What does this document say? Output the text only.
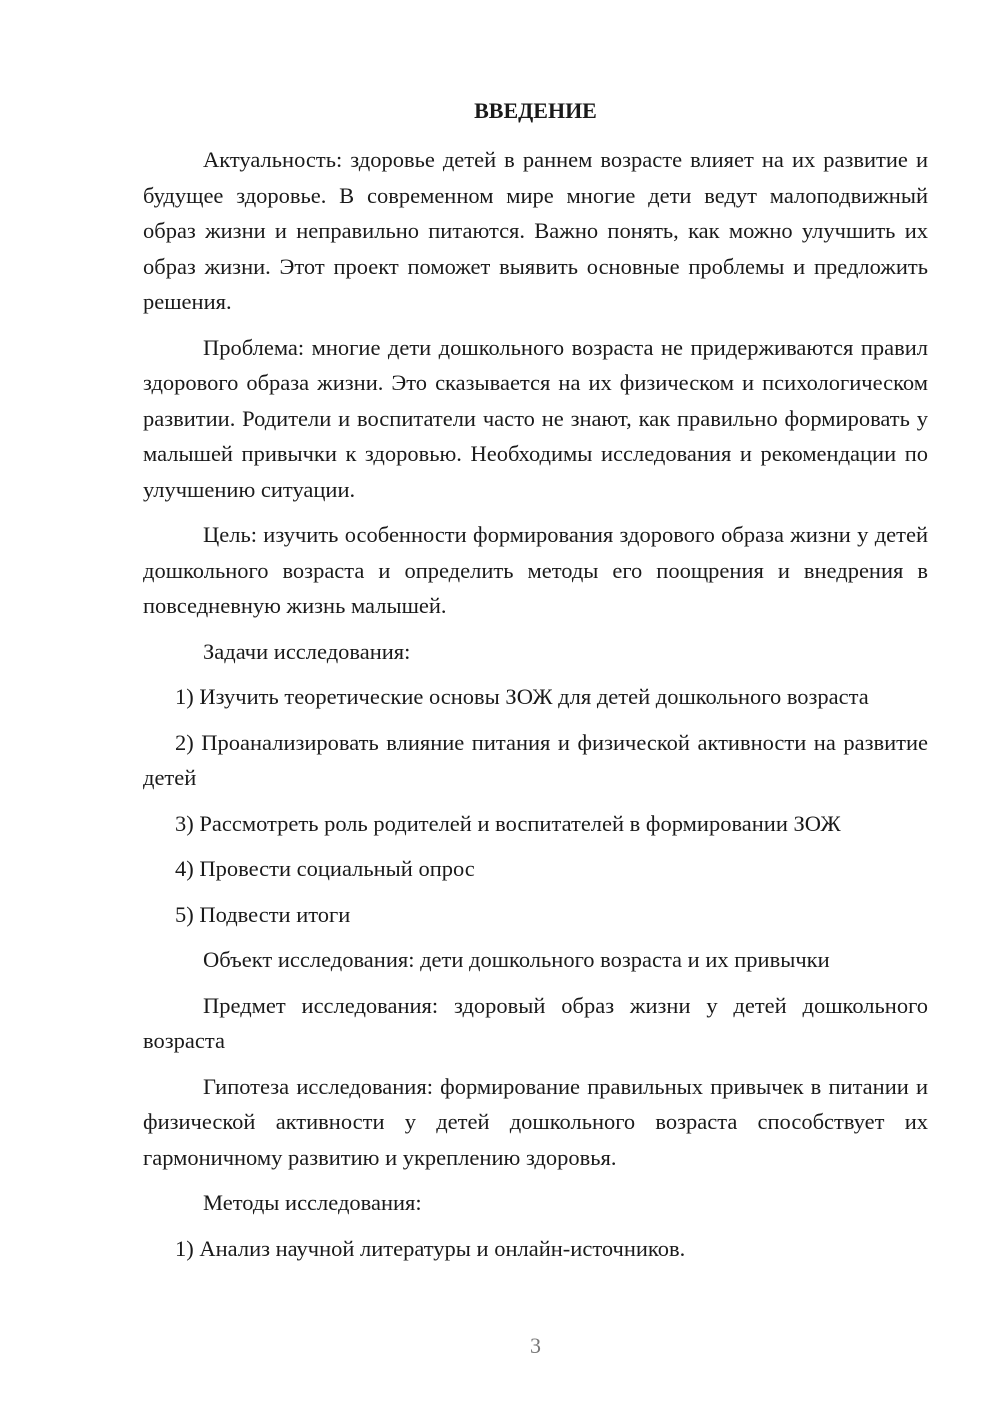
ВВЕДЕНИЕ

Актуальность: здоровье детей в раннем возрасте влияет на их развитие и будущее здоровье. В современном мире многие дети ведут малоподвижный образ жизни и неправильно питаются. Важно понять, как можно улучшить их образ жизни. Этот проект поможет выявить основные проблемы и предложить решения.

Проблема: многие дети дошкольного возраста не придерживаются правил здорового образа жизни. Это сказывается на их физическом и психологическом развитии. Родители и воспитатели часто не знают, как правильно формировать у малышей привычки к здоровью. Необходимы исследования и рекомендации по улучшению ситуации.

Цель: изучить особенности формирования здорового образа жизни у детей дошкольного возраста и определить методы его поощрения и внедрения в повседневную жизнь малышей.

Задачи исследования:

1) Изучить теоретические основы ЗОЖ для детей дошкольного возраста

2) Проанализировать влияние питания и физической активности на развитие детей

3) Рассмотреть роль родителей и воспитателей в формировании ЗОЖ

4) Провести социальный опрос

5) Подвести итоги

Объект исследования: дети дошкольного возраста и их привычки

Предмет исследования: здоровый образ жизни у детей дошкольного возраста

Гипотеза исследования: формирование правильных привычек в питании и физической активности у детей дошкольного возраста способствует их гармоничному развитию и укреплению здоровья.

Методы исследования:

1) Анализ научной литературы и онлайн-источников.

3
